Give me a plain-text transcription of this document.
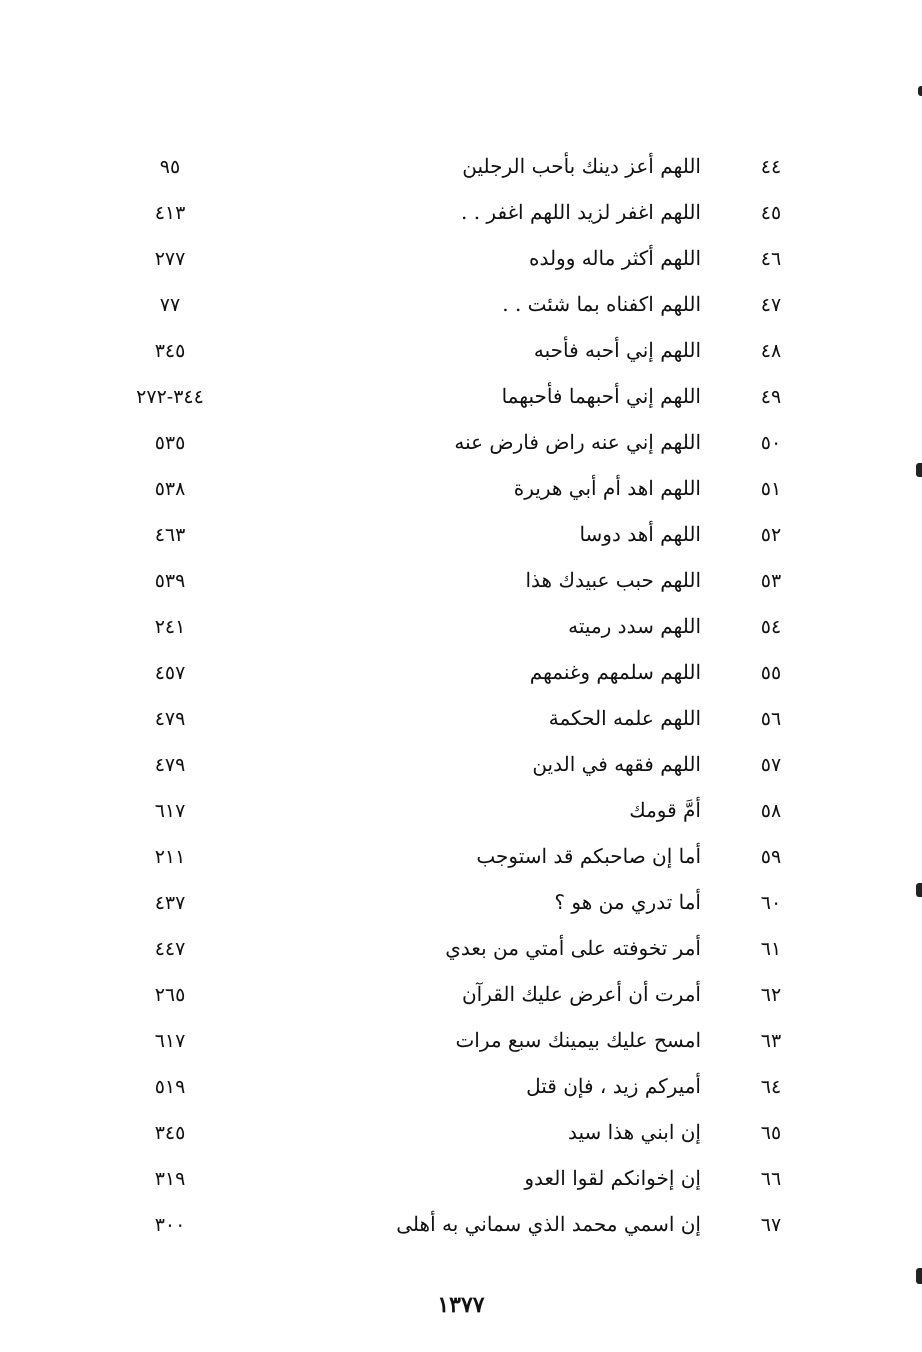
٤٤
اللهم أعز دينك بأحب الرجلين
٩٥
٤٥
اللهم اغفر لزيد اللهم اغفر . .
٤١٣
٤٦
اللهم أكثر ماله وولده
٢٧٧
٤٧
اللهم اكفناه بما شئت . .
٧٧
٤٨
اللهم إني أحبه فأحبه
٣٤٥
٤٩
اللهم إني أحبهما فأحبهما
٣٤٤-٢٧٢
٥٠
اللهم إني عنه راض فارض عنه
٥٣٥
٥١
اللهم اهد أم أبي هريرة
٥٣٨
٥٢
اللهم أهد دوسا
٤٦٣
٥٣
اللهم حبب عبيدك هذا
٥٣٩
٥٤
اللهم سدد رميته
٢٤١
٥٥
اللهم سلمهم وغنمهم
٤٥٧
٥٦
اللهم علمه الحكمة
٤٧٩
٥٧
اللهم فقهه في الدين
٤٧٩
٥٨
أمَّ قومك
٦١٧
٥٩
أما إن صاحبكم قد استوجب
٢١١
٦٠
أما تدري من هو ؟
٤٣٧
٦١
أمر تخوفته على أمتي من بعدي
٤٤٧
٦٢
أمرت أن أعرض عليك القرآن
٢٦٥
٦٣
امسح عليك بيمينك سبع مرات
٦١٧
٦٤
أميركم زيد ، فإن قتل
٥١٩
٦٥
إن ابني هذا سيد
٣٤٥
٦٦
إن إخوانكم لقوا العدو
٣١٩
٦٧
إن اسمي محمد الذي سماني به أهلى
٣٠٠
١٣٧٧
